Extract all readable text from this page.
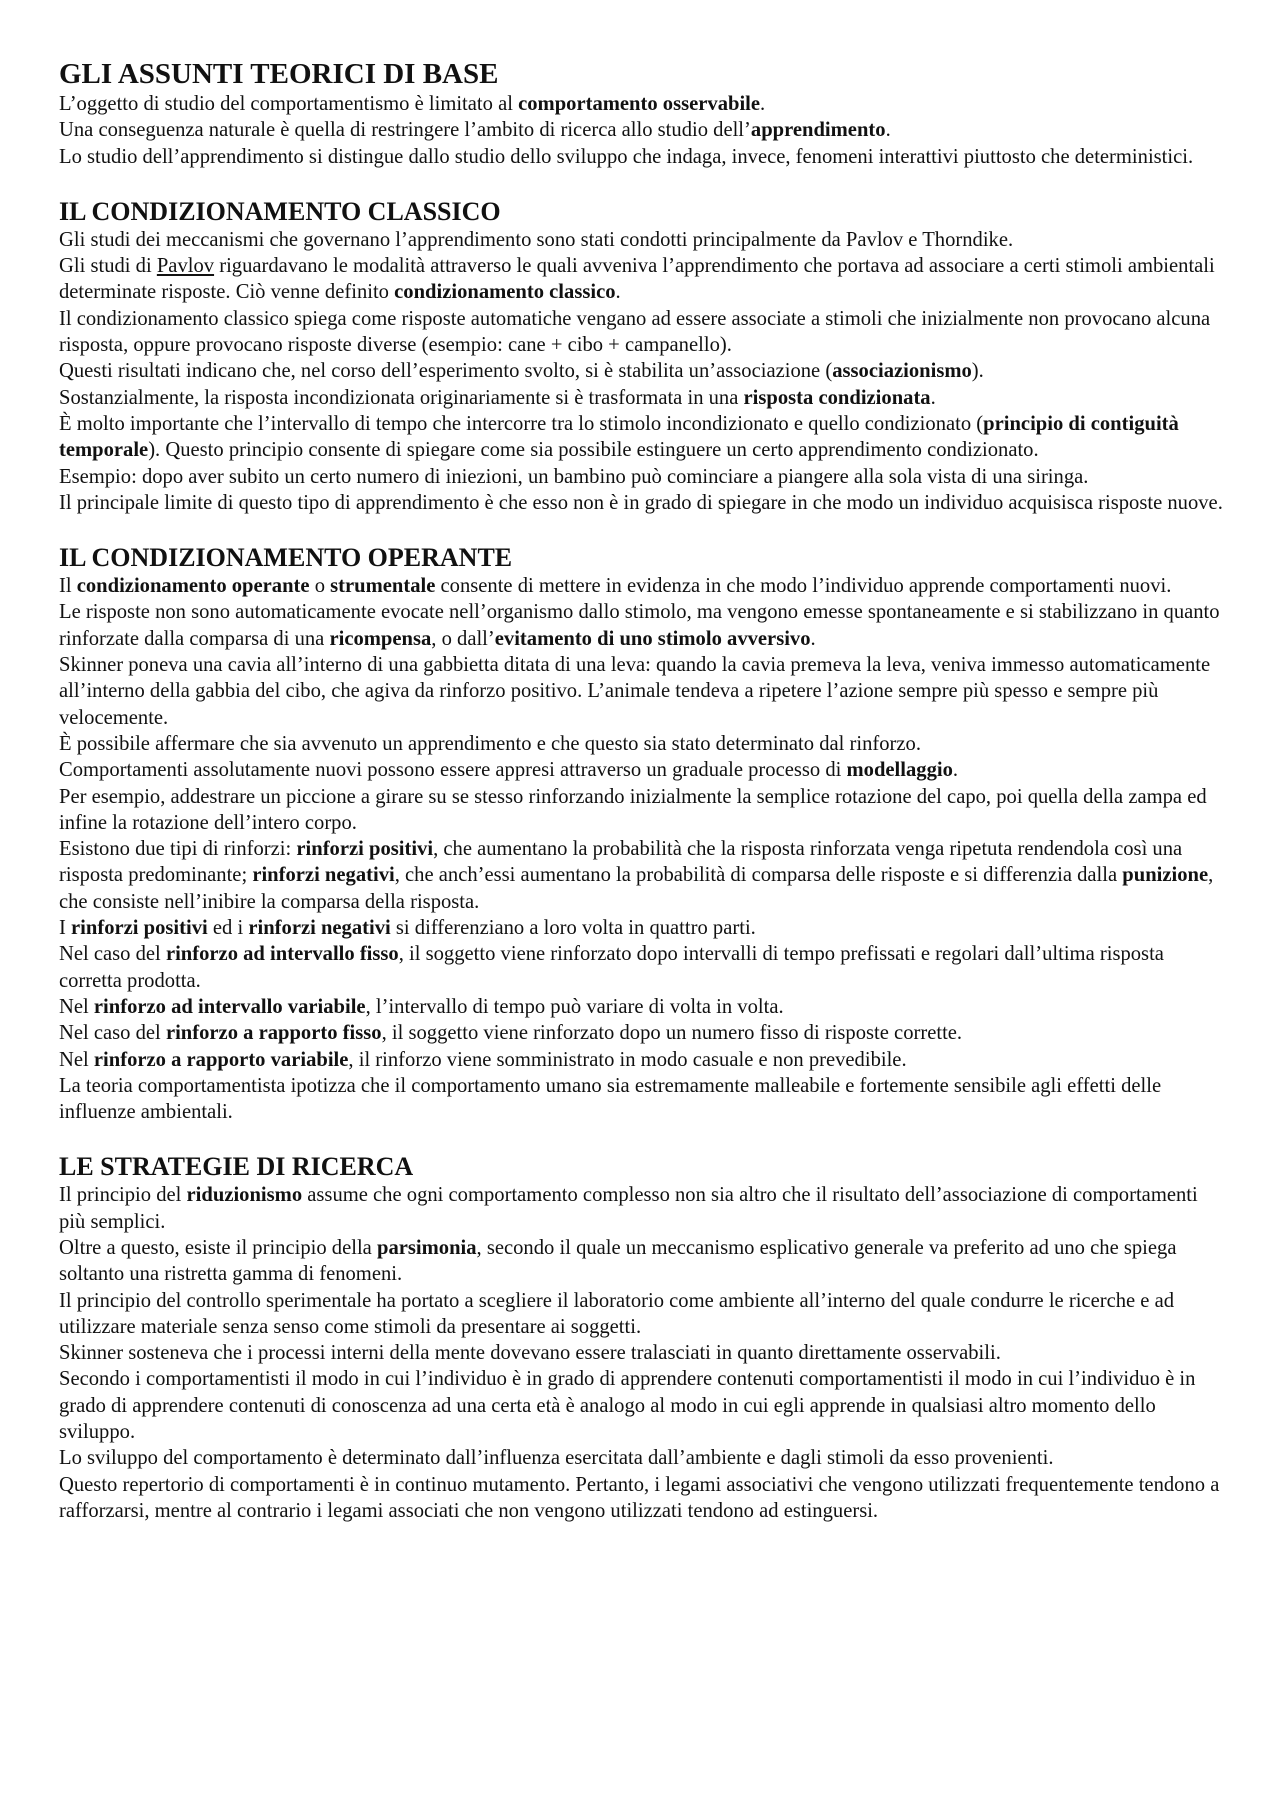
GLI ASSUNTI TEORICI DI BASE

L’oggetto di studio del comportamentismo è limitato al comportamento osservabile.

Una conseguenza naturale è quella di restringere l’ambito di ricerca allo studio dell’apprendimento.

Lo studio dell’apprendimento si distingue dallo studio dello sviluppo che indaga, invece, fenomeni interattivi piuttosto che deterministici.

IL CONDIZIONAMENTO CLASSICO

Gli studi dei meccanismi che governano l’apprendimento sono stati condotti principalmente da Pavlov e Thorndike.

Gli studi di Pavlov riguardavano le modalità attraverso le quali avveniva l’apprendimento che portava ad associare a certi stimoli ambientali determinate risposte. Ciò venne definito condizionamento classico.

Il condizionamento classico spiega come risposte automatiche vengano ad essere associate a stimoli che inizialmente non provocano alcuna risposta, oppure provocano risposte diverse (esempio: cane + cibo + campanello).

Questi risultati indicano che, nel corso dell’esperimento svolto, si è stabilita un’associazione (associazionismo).

Sostanzialmente, la risposta incondizionata originariamente si è trasformata in una risposta condizionata.

È molto importante che l’intervallo di tempo che intercorre tra lo stimolo incondizionato e quello condizionato (principio di contiguità temporale). Questo principio consente di spiegare come sia possibile estinguere un certo apprendimento condizionato.

Esempio: dopo aver subito un certo numero di iniezioni, un bambino può cominciare a piangere alla sola vista di una siringa.

Il principale limite di questo tipo di apprendimento è che esso non è in grado di spiegare in che modo un individuo acquisisca risposte nuove.

IL CONDIZIONAMENTO OPERANTE

Il condizionamento operante o strumentale consente di mettere in evidenza in che modo l’individuo apprende comportamenti nuovi.

Le risposte non sono automaticamente evocate nell’organismo dallo stimolo, ma vengono emesse spontaneamente e si stabilizzano in quanto rinforzate dalla comparsa di una ricompensa, o dall’evitamento di uno stimolo avversivo.

Skinner poneva una cavia all’interno di una gabbietta ditata di una leva: quando la cavia premeva la leva, veniva immesso automaticamente all’interno della gabbia del cibo, che agiva da rinforzo positivo. L’animale tendeva a ripetere l’azione sempre più spesso e sempre più velocemente.

È possibile affermare che sia avvenuto un apprendimento e che questo sia stato determinato dal rinforzo.

Comportamenti assolutamente nuovi possono essere appresi attraverso un graduale processo di modellaggio.

Per esempio, addestrare un piccione a girare su se stesso rinforzando inizialmente la semplice rotazione del capo, poi quella della zampa ed infine la rotazione dell’intero corpo.

Esistono due tipi di rinforzi: rinforzi positivi, che aumentano la probabilità che la risposta rinforzata venga ripetuta rendendola così una risposta predominante; rinforzi negativi, che anch’essi aumentano la probabilità di comparsa delle risposte e si differenzia dalla punizione, che consiste nell’inibire la comparsa della risposta.

I rinforzi positivi ed i rinforzi negativi si differenziano a loro volta in quattro parti.

Nel caso del rinforzo ad intervallo fisso, il soggetto viene rinforzato dopo intervalli di tempo prefissati e regolari dall’ultima risposta corretta prodotta.

Nel rinforzo ad intervallo variabile, l’intervallo di tempo può variare di volta in volta.

Nel caso del rinforzo a rapporto fisso, il soggetto viene rinforzato dopo un numero fisso di risposte corrette.

Nel rinforzo a rapporto variabile, il rinforzo viene somministrato in modo casuale e non prevedibile.

La teoria comportamentista ipotizza che il comportamento umano sia estremamente malleabile e fortemente sensibile agli effetti delle influenze ambientali.

LE STRATEGIE DI RICERCA

Il principio del riduzionismo assume che ogni comportamento complesso non sia altro che il risultato dell’associazione di comportamenti più semplici.

Oltre a questo, esiste il principio della parsimonia, secondo il quale un meccanismo esplicativo generale va preferito ad uno che spiega soltanto una ristretta gamma di fenomeni.

Il principio del controllo sperimentale ha portato a scegliere il laboratorio come ambiente all’interno del quale condurre le ricerche e ad utilizzare materiale senza senso come stimoli da presentare ai soggetti.

Skinner sosteneva che i processi interni della mente dovevano essere tralasciati in quanto direttamente osservabili.

Secondo i comportamentisti il modo in cui l’individuo è in grado di apprendere contenuti comportamentisti il modo in cui l’individuo è in grado di apprendere contenuti di conoscenza ad una certa età è analogo al modo in cui egli apprende in qualsiasi altro momento dello sviluppo.

Lo sviluppo del comportamento è determinato dall’influenza esercitata dall’ambiente e dagli stimoli da esso provenienti.

Questo repertorio di comportamenti è in continuo mutamento. Pertanto, i legami associativi che vengono utilizzati frequentemente tendono a rafforzarsi, mentre al contrario i legami associati che non vengono utilizzati tendono ad estinguersi.
